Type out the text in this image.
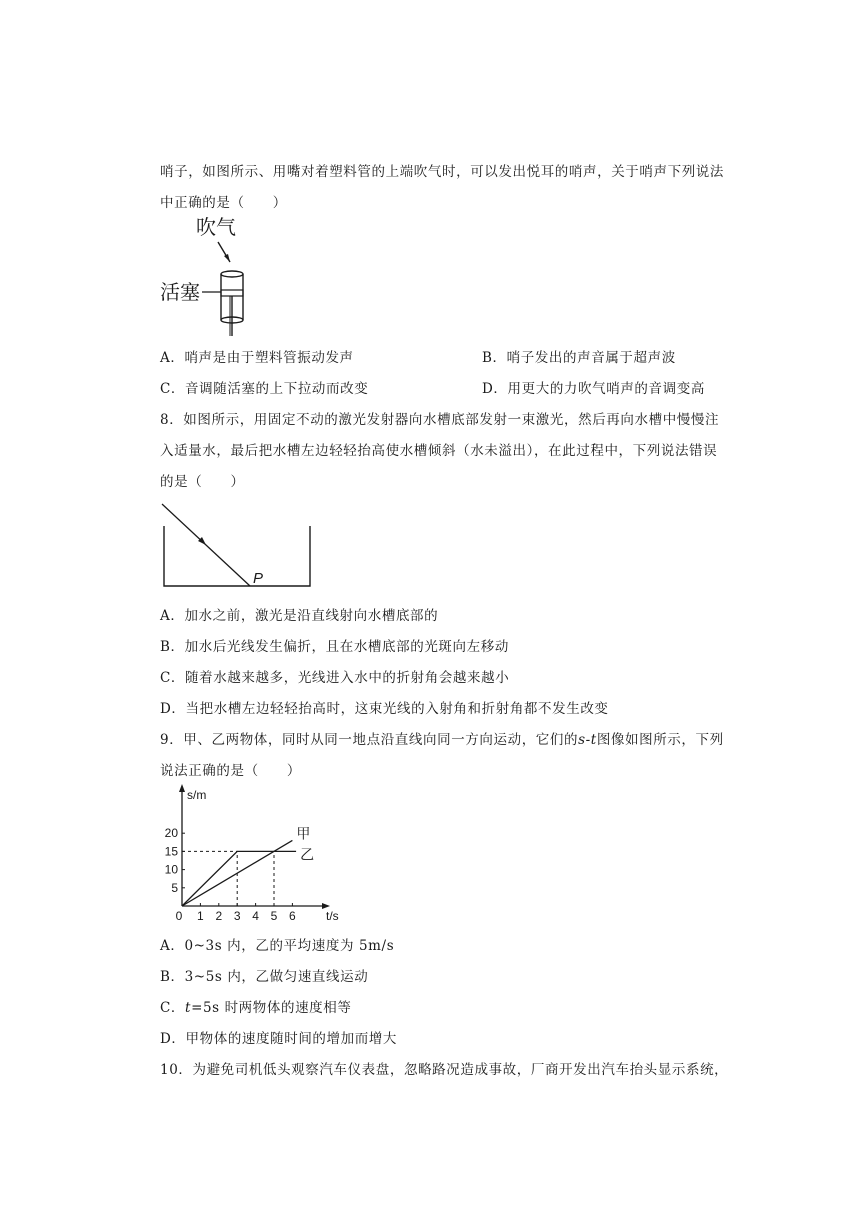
哨子，如图所示、用嘴对着塑料管的上端吹气时，可以发出悦耳的哨声，关于哨声下列说法
中正确的是（　　）
吹气
活塞
A．哨声是由于塑料管振动发声	B．哨子发出的声音属于超声波
C．音调随活塞的上下拉动而改变	D．用更大的力吹气哨声的音调变高
8．如图所示，用固定不动的激光发射器向水槽底部发射一束激光，然后再向水槽中慢慢注
入适量水，最后把水槽左边轻轻抬高使水槽倾斜（水未溢出），在此过程中，下列说法错误
的是（　　）
P
A．加水之前，激光是沿直线射向水槽底部的
B．加水后光线发生偏折，且在水槽底部的光斑向左移动
C．随着水越来越多，光线进入水中的折射角会越来越小
D．当把水槽左边轻轻抬高时，这束光线的入射角和折射角都不发生改变
9．甲、乙两物体，同时从同一地点沿直线向同一方向运动，它们的s-t图像如图所示，下列
说法正确的是（　　）
s/m
t/s
0 1 2 3 4 5 6
5
10
15
20	甲
乙
A．0~3s 内，乙的平均速度为 5m/s
B．3~5s 内，乙做匀速直线运动
C．t=5s 时两物体的速度相等
D．甲物体的速度随时间的增加而增大
10．为避免司机低头观察汽车仪表盘，忽略路况造成事故，厂商开发出汽车抬头显示系统，
